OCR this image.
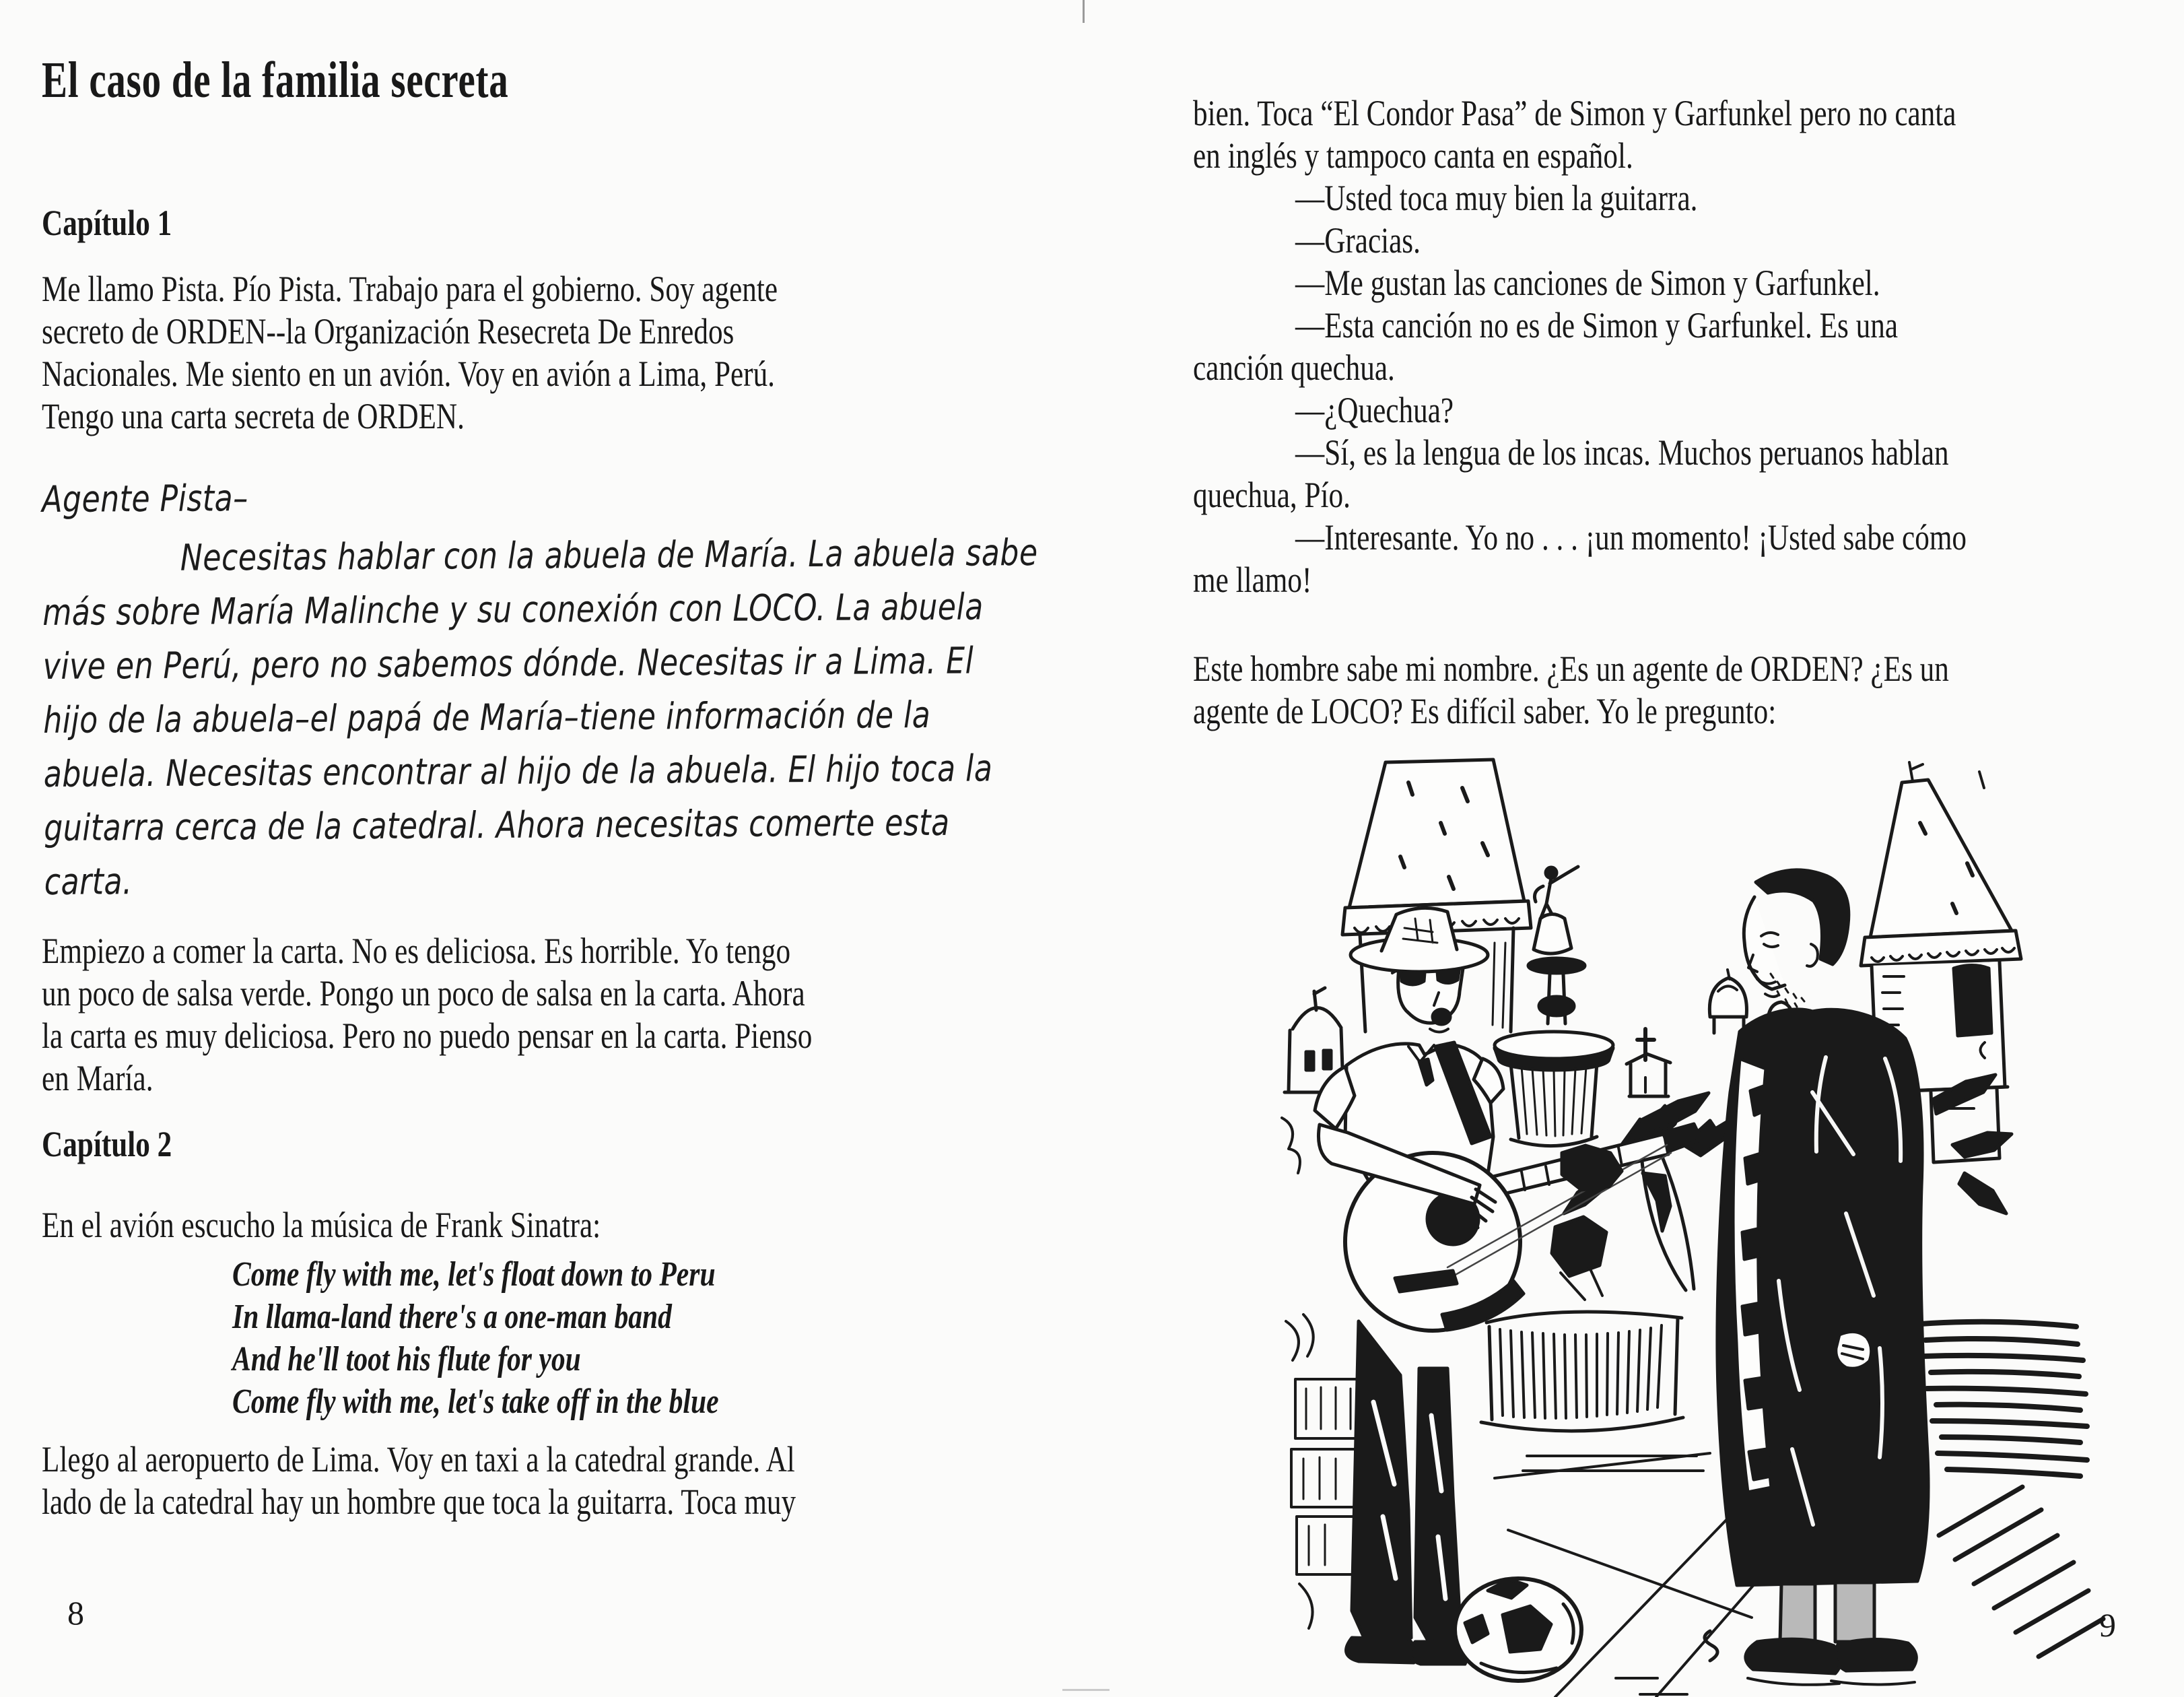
El caso de la familia secreta
Capítulo 1
Me llamo Pista. Pío Pista. Trabajo para el gobierno. Soy agente
secreto de ORDEN--la Organización Resecreta De Enredos
Nacionales. Me siento en un avión. Voy en avión a Lima, Perú.
Tengo una carta secreta de ORDEN.
Agente Pista–
Necesitas hablar con la abuela de María. La abuela sabe
más sobre María Malinche y su conexión con LOCO. La abuela
vive en Perú, pero no sabemos dónde. Necesitas ir a Lima. El
hijo de la abuela–el papá de María–tiene información de la
abuela. Necesitas encontrar al hijo de la abuela. El hijo toca la
guitarra cerca de la catedral. Ahora necesitas comerte esta
carta.
Empiezo a comer la carta. No es deliciosa. Es horrible. Yo tengo
un poco de salsa verde. Pongo un poco de salsa en la carta. Ahora
la carta es muy deliciosa. Pero no puedo pensar en la carta. Pienso
en María.
Capítulo 2
En el avión escucho la música de Frank Sinatra:
Come fly with me, let's float down to Peru
In llama-land there's a one-man band
And he'll toot his flute for you
Come fly with me, let's take off in the blue
Llego al aeropuerto de Lima. Voy en taxi a la catedral grande. Al
lado de la catedral hay un hombre que toca la guitarra. Toca muy
8
bien. Toca “El Condor Pasa” de Simon y Garfunkel pero no canta
en inglés y tampoco canta en español.
—Usted toca muy bien la guitarra.
—Gracias.
—Me gustan las canciones de Simon y Garfunkel.
—Esta canción no es de Simon y Garfunkel. Es una
canción quechua.
—¿Quechua?
—Sí, es la lengua de los incas. Muchos peruanos hablan
quechua, Pío.
—Interesante. Yo no . . . ¡un momento! ¡Usted sabe cómo
me llamo!
Este hombre sabe mi nombre. ¿Es un agente de ORDEN? ¿Es un
agente de LOCO? Es difícil saber. Yo le pregunto:
9
